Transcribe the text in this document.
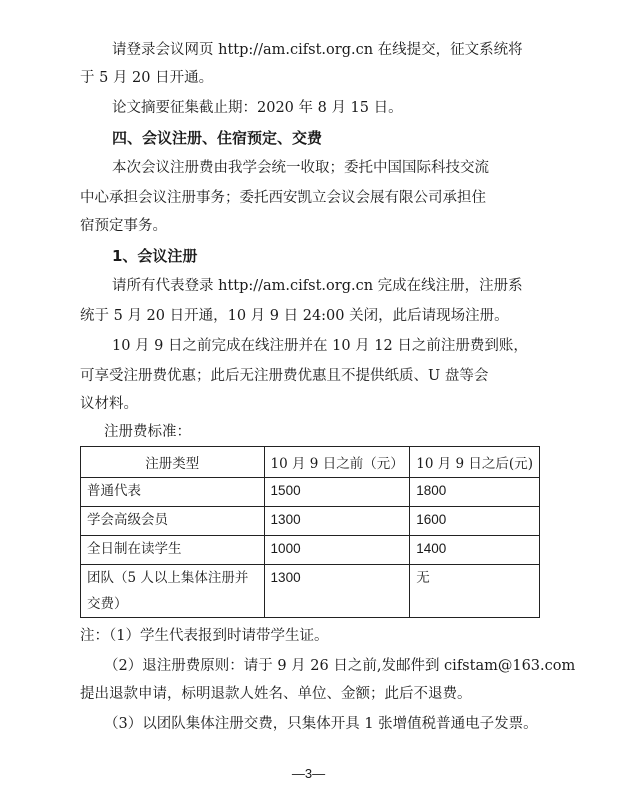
请登录会议网页 http://am.cifst.org.cn 在线提交，征文系统将
于 5 月 20 日开通。
论文摘要征集截止期：2020 年 8 月 15 日。
四、会议注册、住宿预定、交费
本次会议注册费由我学会统一收取；委托中国国际科技交流
中心承担会议注册事务；委托西安凯立会议会展有限公司承担住
宿预定事务。
1、会议注册
请所有代表登录 http://am.cifst.org.cn 完成在线注册，注册系
统于 5 月 20 日开通，10 月 9 日 24:00 关闭，此后请现场注册。
10 月 9 日之前完成在线注册并在 10 月 12 日之前注册费到账，
可享受注册费优惠；此后无注册费优惠且不提供纸质、U 盘等会
议材料。
注册费标准：
注册类型	10 月 9 日之前（元）	10 月 9 日之后(元)
普通代表	1500	1800
学会高级会员	1300	1600
全日制在读学生	1000	1400
团队（5 人以上集体注册并交费）	1300	无
注：（1）学生代表报到时请带学生证。
（2）退注册费原则：请于 9 月 26 日之前,发邮件到 cifstam@163.com
提出退款申请，标明退款人姓名、单位、金额；此后不退费。
（3）以团队集体注册交费，只集体开具 1 张增值税普通电子发票。
—3—
